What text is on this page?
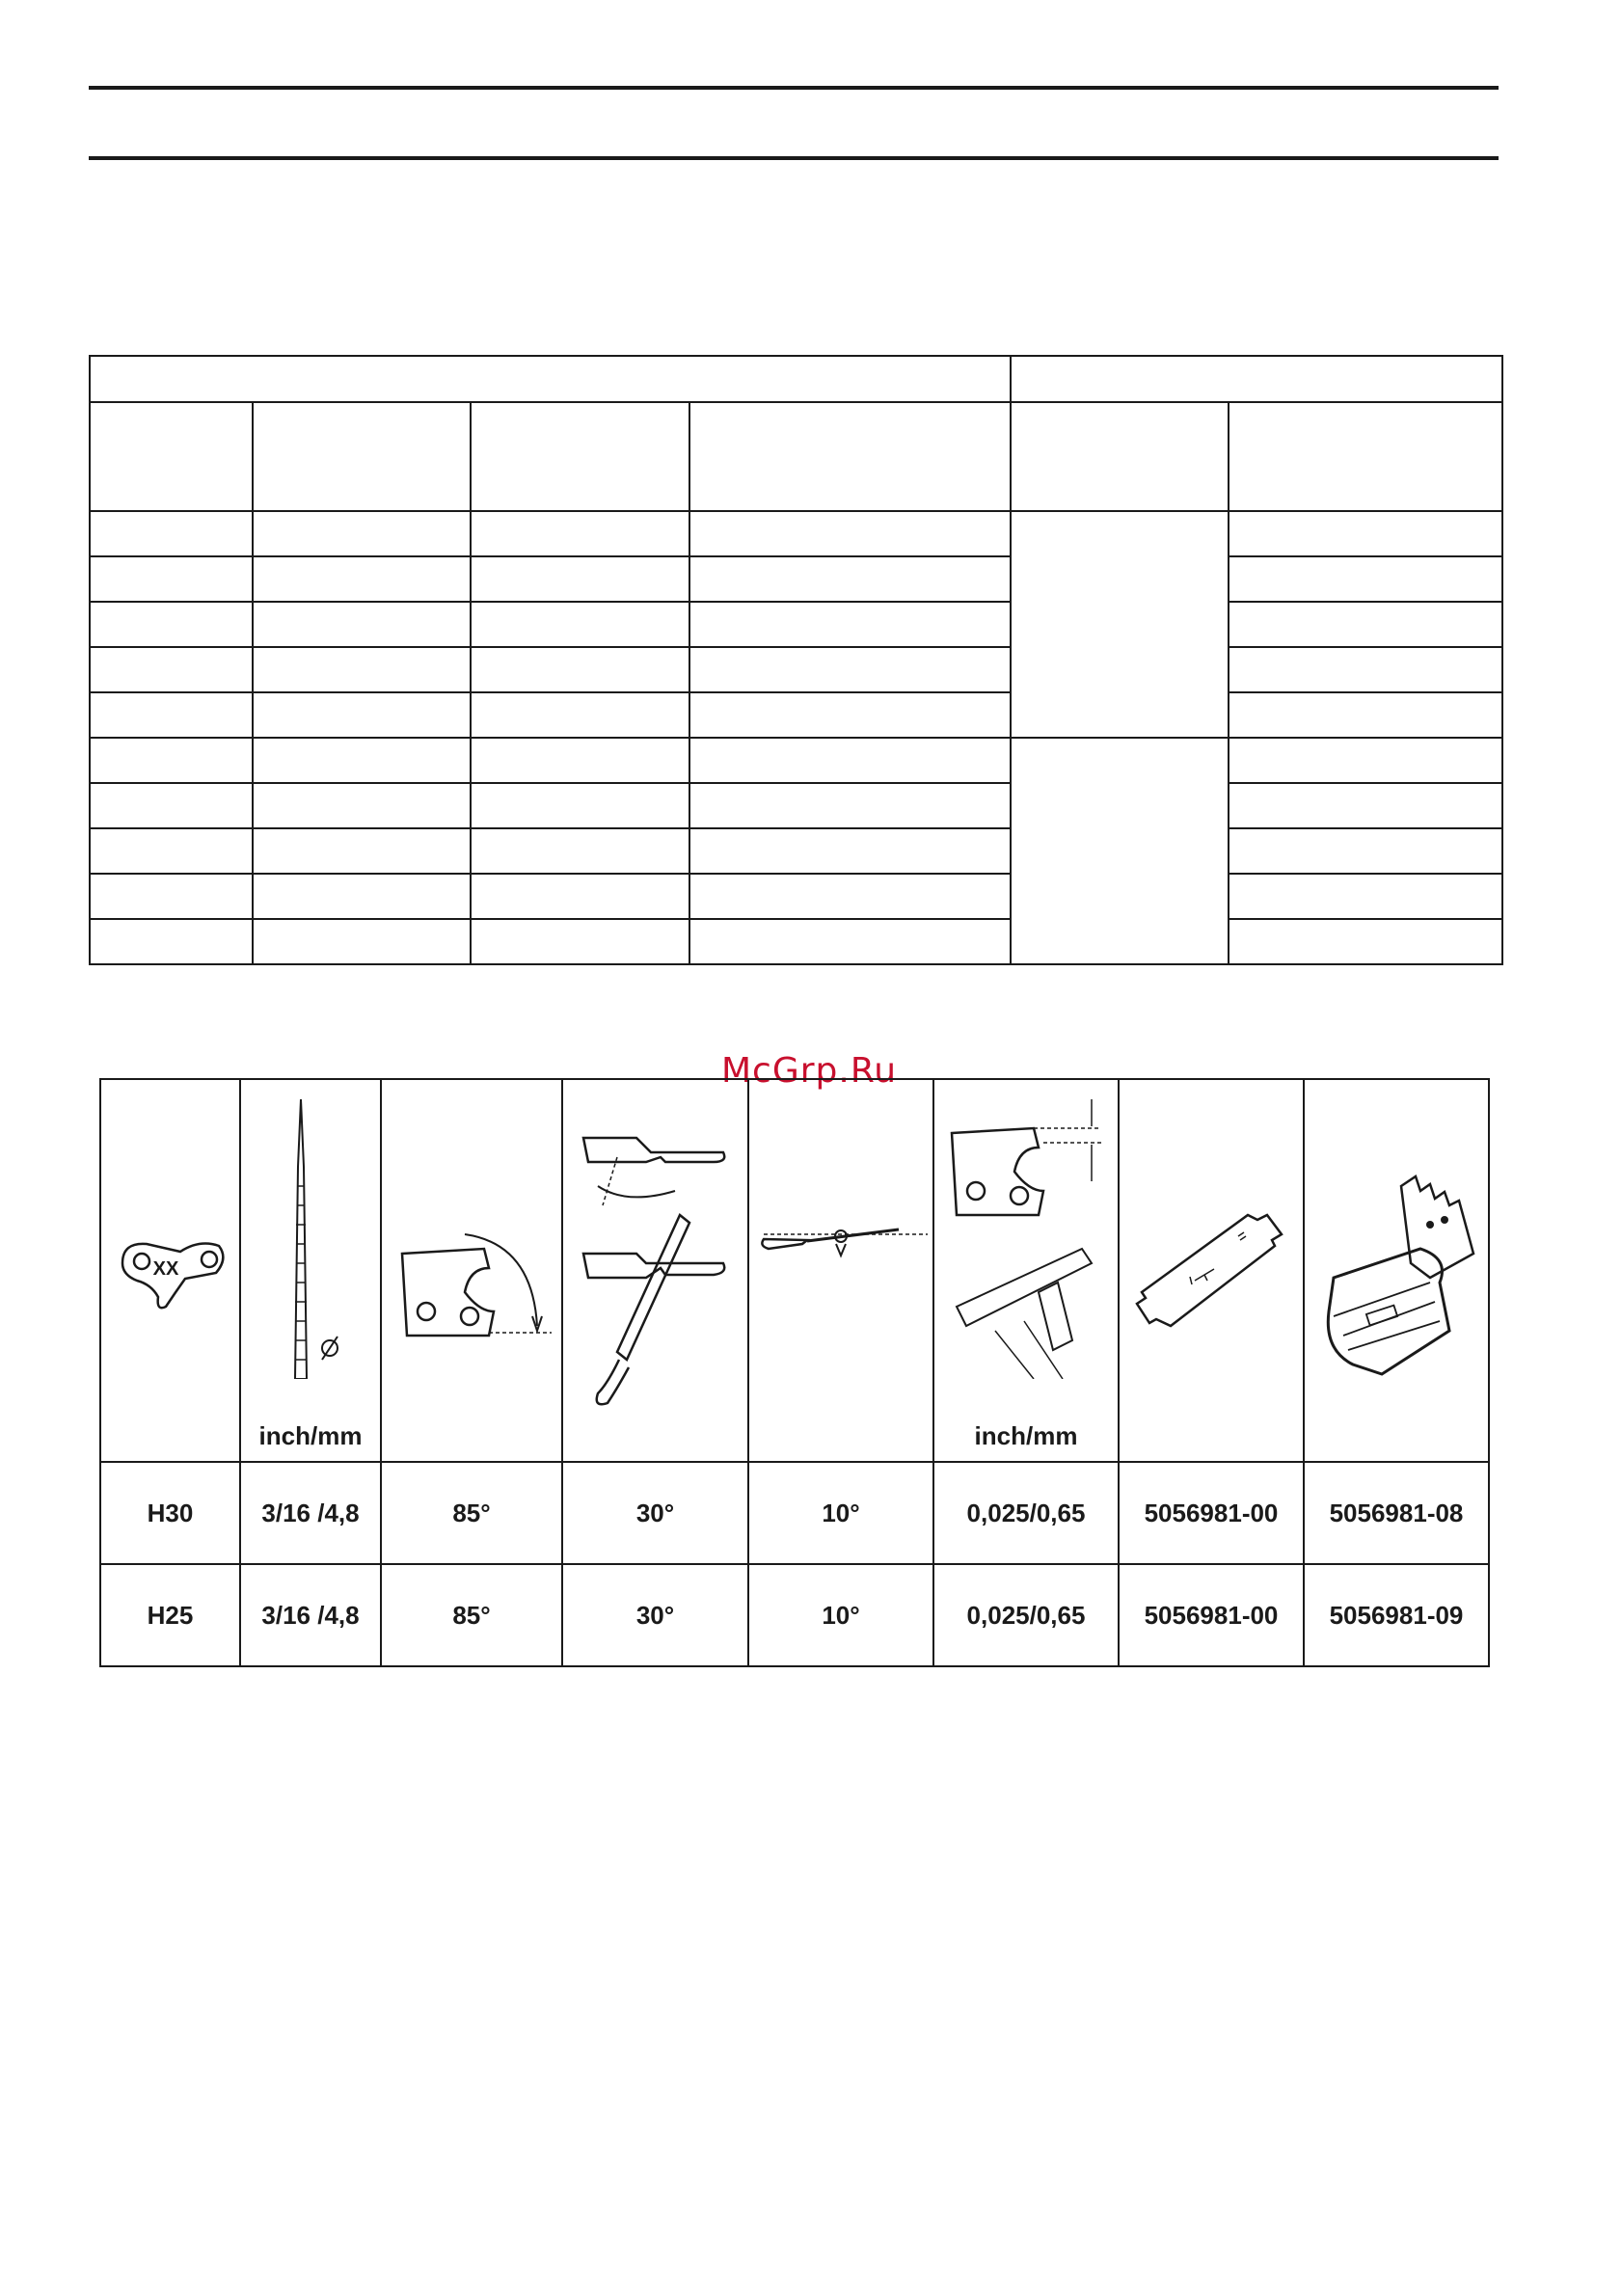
McGrp.Ru
XX	inch/mm				inch/mm

H30	3/16 /4,8	85°	30°	10°	0,025/0,65	5056981-00	5056981-08
H25	3/16 /4,8	85°	30°	10°	0,025/0,65	5056981-00	5056981-09
